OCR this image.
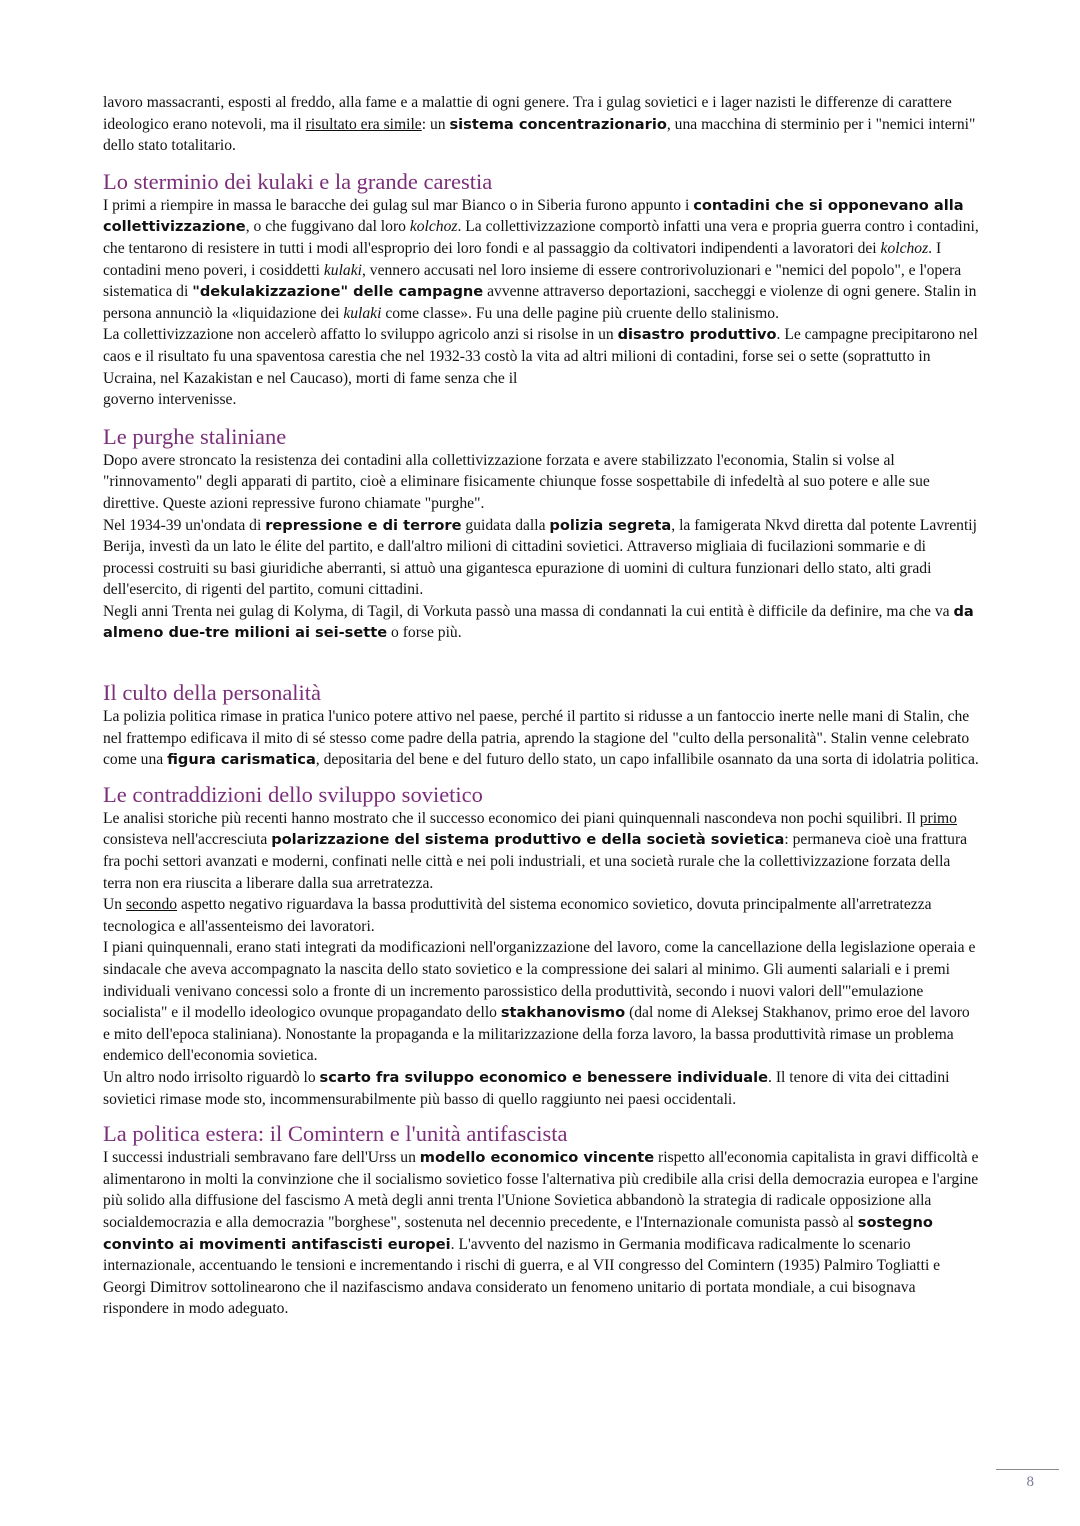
lavoro massacranti, esposti al freddo, alla fame e a malattie di ogni genere. Tra i gulag sovietici e i lager nazisti le differenze di carattere ideologico erano notevoli, ma il risultato era simile: un sistema concentrazionario, una macchina di sterminio per i "nemici interni" dello stato totalitario.

Lo sterminio dei kulaki e la grande carestia

I primi a riempire in massa le baracche dei gulag sul mar Bianco o in Siberia furono appunto i contadini che si opponevano alla collettivizzazione, o che fuggivano dal loro kolchoz. La collettivizzazione comportò infatti una vera e propria guerra contro i contadini, che tentarono di resistere in tutti i modi all'esproprio dei loro fondi e al passaggio da coltivatori indipendenti a lavoratori dei kolchoz. I contadini meno poveri, i cosiddetti kulaki, vennero accusati nel loro insieme di essere controrivoluzionari e "nemici del popolo", e l'opera sistematica di "dekulakizzazione" delle campagne avvenne attraverso deportazioni, saccheggi e violenze di ogni genere. Stalin in persona annunciò la «liquidazione dei kulaki come classe». Fu una delle pagine più cruente dello stalinismo.

La collettivizzazione non accelerò affatto lo sviluppo agricolo anzi si risolse in un disastro produttivo. Le campagne precipitarono nel caos e il risultato fu una spaventosa carestia che nel 1932-33 costò la vita ad altri milioni di contadini, forse sei o sette (soprattutto in Ucraina, nel Kazakistan e nel Caucaso), morti di fame senza che il

governo intervenisse.

Le purghe staliniane

Dopo avere stroncato la resistenza dei contadini alla collettivizzazione forzata e avere stabilizzato l'economia, Stalin si volse al "rinnovamento" degli apparati di partito, cioè a eliminare fisicamente chiunque fosse sospettabile di infedeltà al suo potere e alle sue direttive. Queste azioni repressive furono chiamate "purghe".

Nel 1934-39 un'ondata di repressione e di terrore guidata dalla polizia segreta, la famigerata Nkvd diretta dal potente Lavrentij Berija, investì da un lato le élite del partito, e dall'altro milioni di cittadini sovietici. Attraverso migliaia di fucilazioni sommarie e di processi costruiti su basi giuridiche aberranti, si attuò una gigantesca epurazione di uomini di cultura funzionari dello stato, alti gradi dell'esercito, di rigenti del partito, comuni cittadini.

Negli anni Trenta nei gulag di Kolyma, di Tagil, di Vorkuta passò una massa di condannati la cui entità è difficile da definire, ma che va da almeno due-tre milioni ai sei-sette o forse più.

Il culto della personalità

La polizia politica rimase in pratica l'unico potere attivo nel paese, perché il partito si ridusse a un fantoccio inerte nelle mani di Stalin, che nel frattempo edificava il mito di sé stesso come padre della patria, aprendo la stagione del "culto della personalità". Stalin venne celebrato come una figura carismatica, depositaria del bene e del futuro dello stato, un capo infallibile osannato da una sorta di idolatria politica.

Le contraddizioni dello sviluppo sovietico

Le analisi storiche più recenti hanno mostrato che il successo economico dei piani quinquennali nascondeva non pochi squilibri. Il primo consisteva nell'accresciuta polarizzazione del sistema produttivo e della società sovietica: permaneva cioè una frattura fra pochi settori avanzati e moderni, confinati nelle città e nei poli industriali, et una società rurale che la collettivizzazione forzata della terra non era riuscita a liberare dalla sua arretratezza.

Un secondo aspetto negativo riguardava la bassa produttività del sistema economico sovietico, dovuta principalmente all'arretratezza tecnologica e all'assenteismo dei lavoratori.

I piani quinquennali, erano stati integrati da modificazioni nell'organizzazione del lavoro, come la cancellazione della legislazione operaia e sindacale che aveva accompagnato la nascita dello stato sovietico e la compressione dei salari al minimo. Gli aumenti salariali e i premi individuali venivano concessi solo a fronte di un incremento parossistico della produttività, secondo i nuovi valori dell'"emulazione socialista" e il modello ideologico ovunque propagandato dello stakhanovismo (dal nome di Aleksej Stakhanov, primo eroe del lavoro e mito dell'epoca staliniana). Nonostante la propaganda e la militarizzazione della forza lavoro, la bassa produttività rimase un problema endemico dell'economia sovietica.

Un altro nodo irrisolto riguardò lo scarto fra sviluppo economico e benessere individuale. Il tenore di vita dei cittadini sovietici rimase mode sto, incommensurabilmente più basso di quello raggiunto nei paesi occidentali.

La politica estera: il Comintern e l'unità antifascista

I successi industriali sembravano fare dell'Urss un modello economico vincente rispetto all'economia capitalista in gravi difficoltà e alimentarono in molti la convinzione che il socialismo sovietico fosse l'alternativa più credibile alla crisi della democrazia europea e l'argine più solido alla diffusione del fascismo A metà degli anni trenta l'Unione Sovietica abbandonò la strategia di radicale opposizione alla socialdemocrazia e alla democrazia "borghese", sostenuta nel decennio precedente, e l'Internazionale comunista passò al sostegno convinto ai movimenti antifascisti europei. L'avvento del nazismo in Germania modificava radicalmente lo scenario internazionale, accentuando le tensioni e incrementando i rischi di guerra, e al VII congresso del Comintern (1935) Palmiro Togliatti e Georgi Dimitrov sottolinearono che il nazifascismo andava considerato un fenomeno unitario di portata mondiale, a cui bisognava rispondere in modo adeguato.

8
